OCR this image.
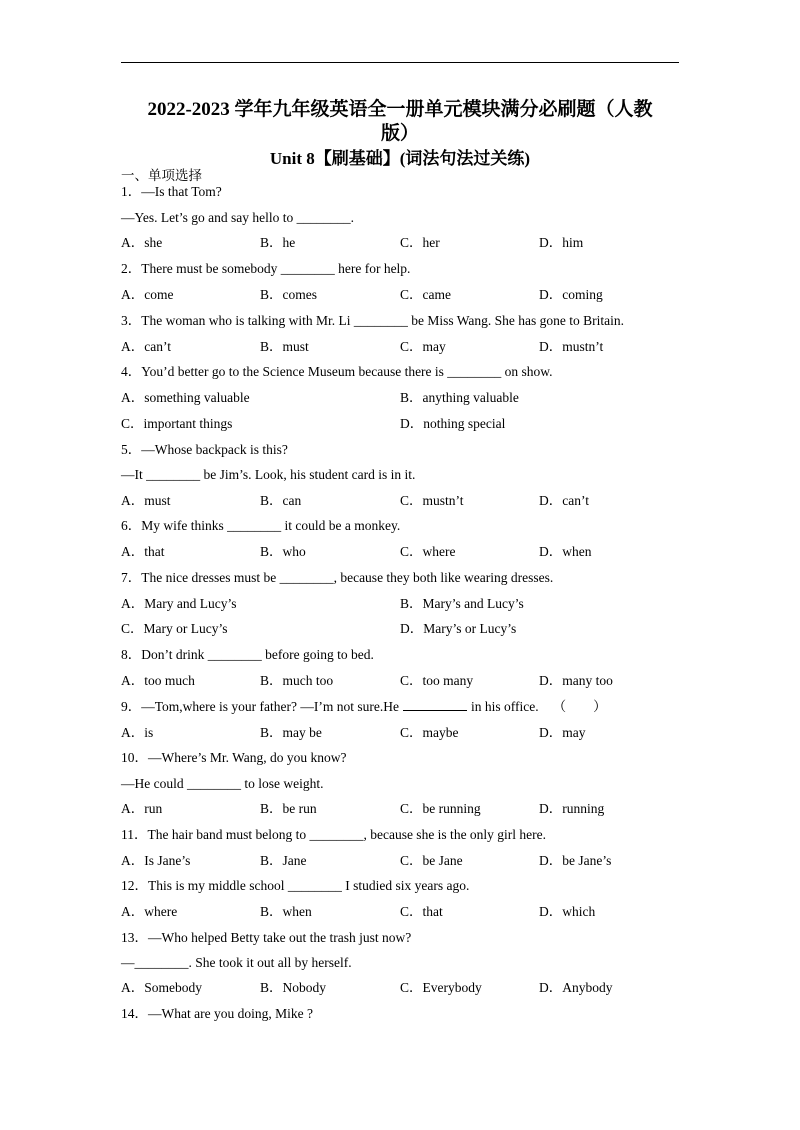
2022-2023 学年九年级英语全一册单元模块满分必刷题（人教
版）
Unit 8【刷基础】(词法句法过关练)
一、单项选择
1．—Is that Tom?
—Yes. Let’s go and say hello to ________.
A．she	B．he	C．her	D．him
2．There must be somebody ________ here for help.
A．come	B．comes	C．came	D．coming
3．The woman who is talking with Mr. Li ________ be Miss Wang. She has gone to Britain.
A．can’t	B．must	C．may	D．mustn’t
4．You’d better go to the Science Museum because there is ________ on show.
A．something valuable	B．anything valuable
C．important things	D．nothing special
5．—Whose backpack is this?
—It ________ be Jim’s. Look, his student card is in it.
A．must	B．can	C．mustn’t	D．can’t
6．My wife thinks ________ it could be a monkey.
A．that	B．who	C．where	D．when
7．The nice dresses must be ________, because they both like wearing dresses.
A．Mary and Lucy’s	B．Mary’s and Lucy’s
C．Mary or Lucy’s	D．Mary’s or Lucy’s
8．Don’t drink ________ before going to bed.
A．too much	B．much too	C．too many	D．many too
9．—Tom,where is your father? —I’m not sure.He	in his office. （　　）
A．is	B．may be	C．maybe	D．may
10．—Where’s Mr. Wang, do you know?
—He could ________ to lose weight.
A．run	B．be run	C．be running	D．running
11．The hair band must belong to ________, because she is the only girl here.
A．Is Jane’s	B．Jane	C．be Jane	D．be Jane’s
12．This is my middle school ________ I studied six years ago.
A．where	B．when	C．that	D．which
13．—Who helped Betty take out the trash just now?
—________. She took it out all by herself.
A．Somebody	B．Nobody	C．Everybody	D．Anybody
14．—What are you doing, Mike ?
